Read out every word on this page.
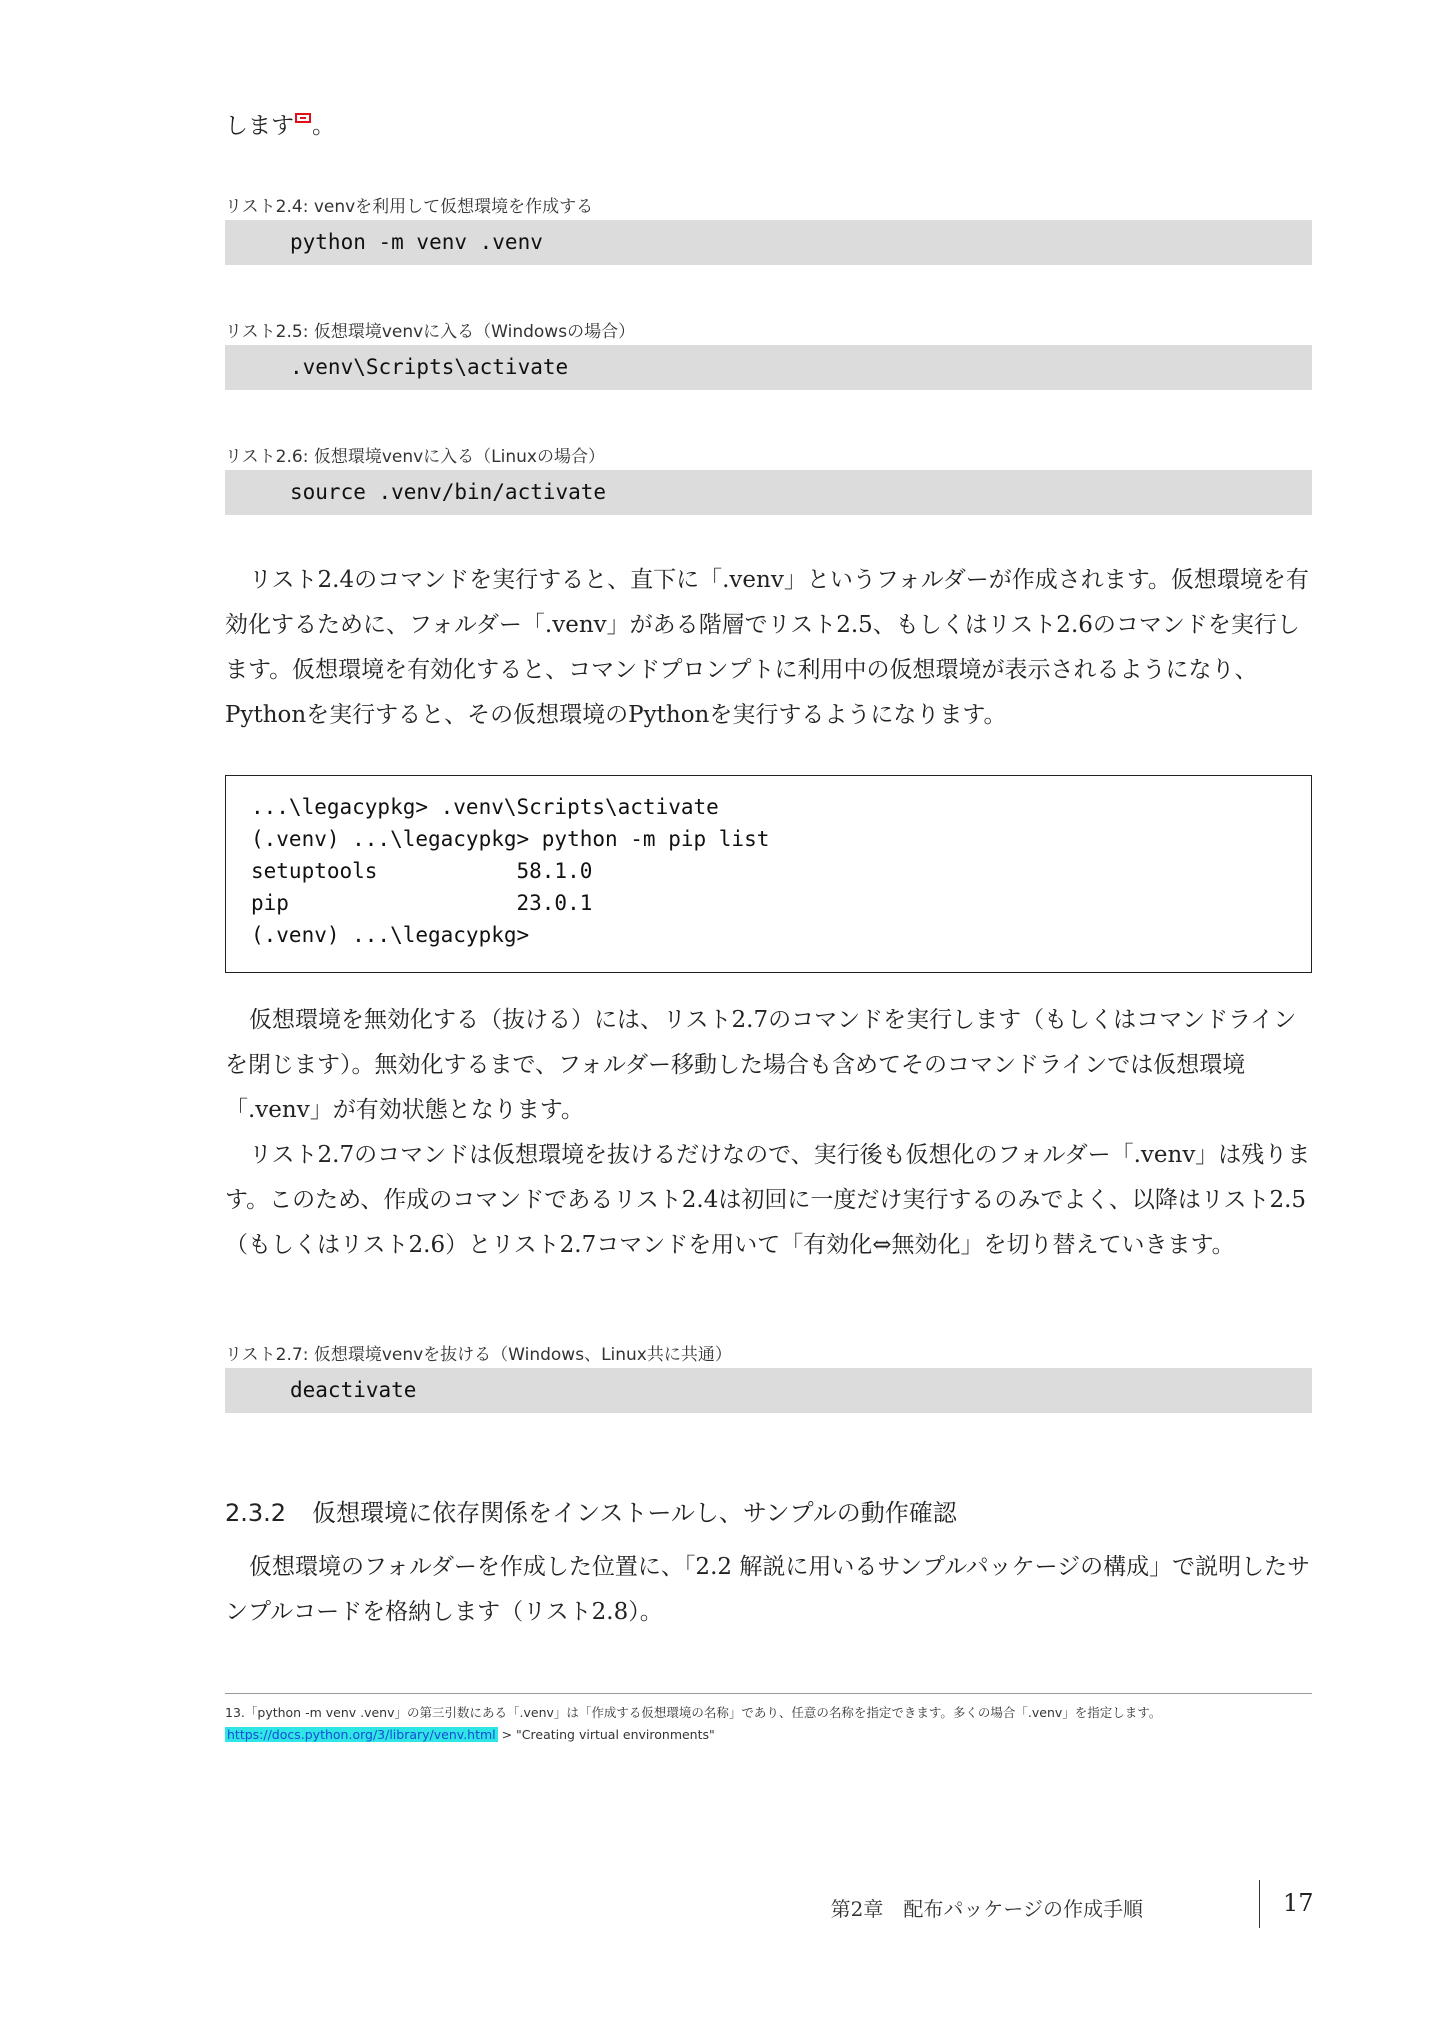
します 。
リスト2.4: venvを利用して仮想環境を作成する
python -m venv .venv
リスト2.5: 仮想環境venvに入る（Windowsの場合）
.venv\Scripts\activate
リスト2.6: 仮想環境venvに入る（Linuxの場合）
source .venv/bin/activate
リスト2.4のコマンドを実行すると、直下に「.venv」というフォルダーが作成されます。仮想環境を有効化するために、フォルダー「.venv」がある階層でリスト2.5、もしくはリスト2.6のコマンドを実行します。仮想環境を有効化すると、コマンドプロンプトに利用中の仮想環境が表示されるようになり、Pythonを実行すると、その仮想環境のPythonを実行するようになります。
...\legacypkg> .venv\Scripts\activate
(.venv) ...\legacypkg> python -m pip list
setuptools           58.1.0
pip                  23.0.1
(.venv) ...\legacypkg>
仮想環境を無効化する（抜ける）には、リスト2.7のコマンドを実行します（もしくはコマンドラインを閉じます）。無効化するまで、フォルダー移動した場合も含めてそのコマンドラインでは仮想環境「.venv」が有効状態となります。
リスト2.7のコマンドは仮想環境を抜けるだけなので、実行後も仮想化のフォルダー「.venv」は残ります。このため、作成のコマンドであるリスト2.4は初回に一度だけ実行するのみでよく、以降はリスト2.5（もしくはリスト2.6）とリスト2.7コマンドを用いて「有効化⇔無効化」を切り替えていきます。
リスト2.7: 仮想環境venvを抜ける（Windows、Linux共に共通）
deactivate
2.3.2 仮想環境に依存関係をインストールし、サンプルの動作確認
仮想環境のフォルダーを作成した位置に、「2.2 解説に用いるサンプルパッケージの構成」で説明したサンプルコードを格納します（リスト2.8）。
13.「python -m venv .venv」の第三引数にある「.venv」は「作成する仮想環境の名称」であり、任意の名称を指定できます。多くの場合「.venv」を指定します。
https://docs.python.org/3/library/venv.html > "Creating virtual environments"
第2章　配布パッケージの作成手順	17
